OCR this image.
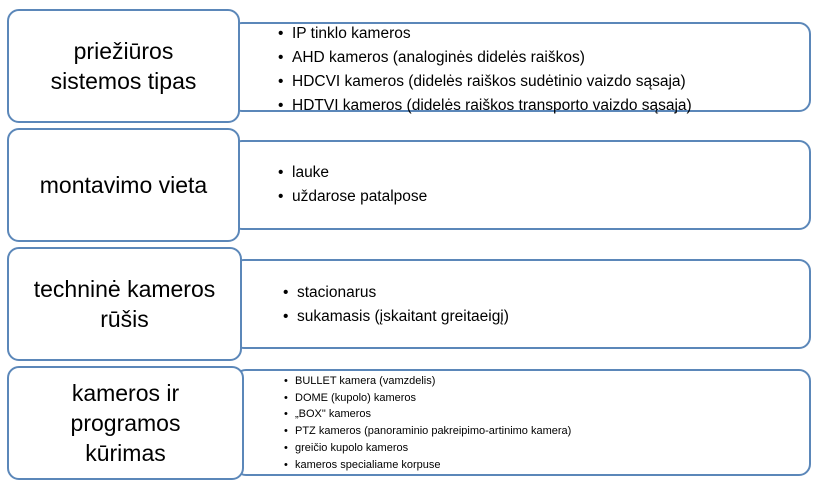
• IP tinklo kameros
• AHD kameros (analoginės didelės raiškos)
• HDCVI kameros (didelės raiškos sudėtinio vaizdo sąsaja)
• HDTVI kameros (didelės raiškos transporto vaizdo sąsaja)
priežiūros
sistemos tipas
• lauke
• uždarose patalpose
montavimo vieta
• stacionarus
• sukamasis (įskaitant greitaeigį)
techninė kameros
rūšis
• BULLET kamera (vamzdelis)
• DOME (kupolo) kameros
• „BOX" kameros
• PTZ kameros (panoraminio pakreipimo-artinimo kamera)
• greičio kupolo kameros
• kameros specialiame korpuse
kameros ir
programos
kūrimas
